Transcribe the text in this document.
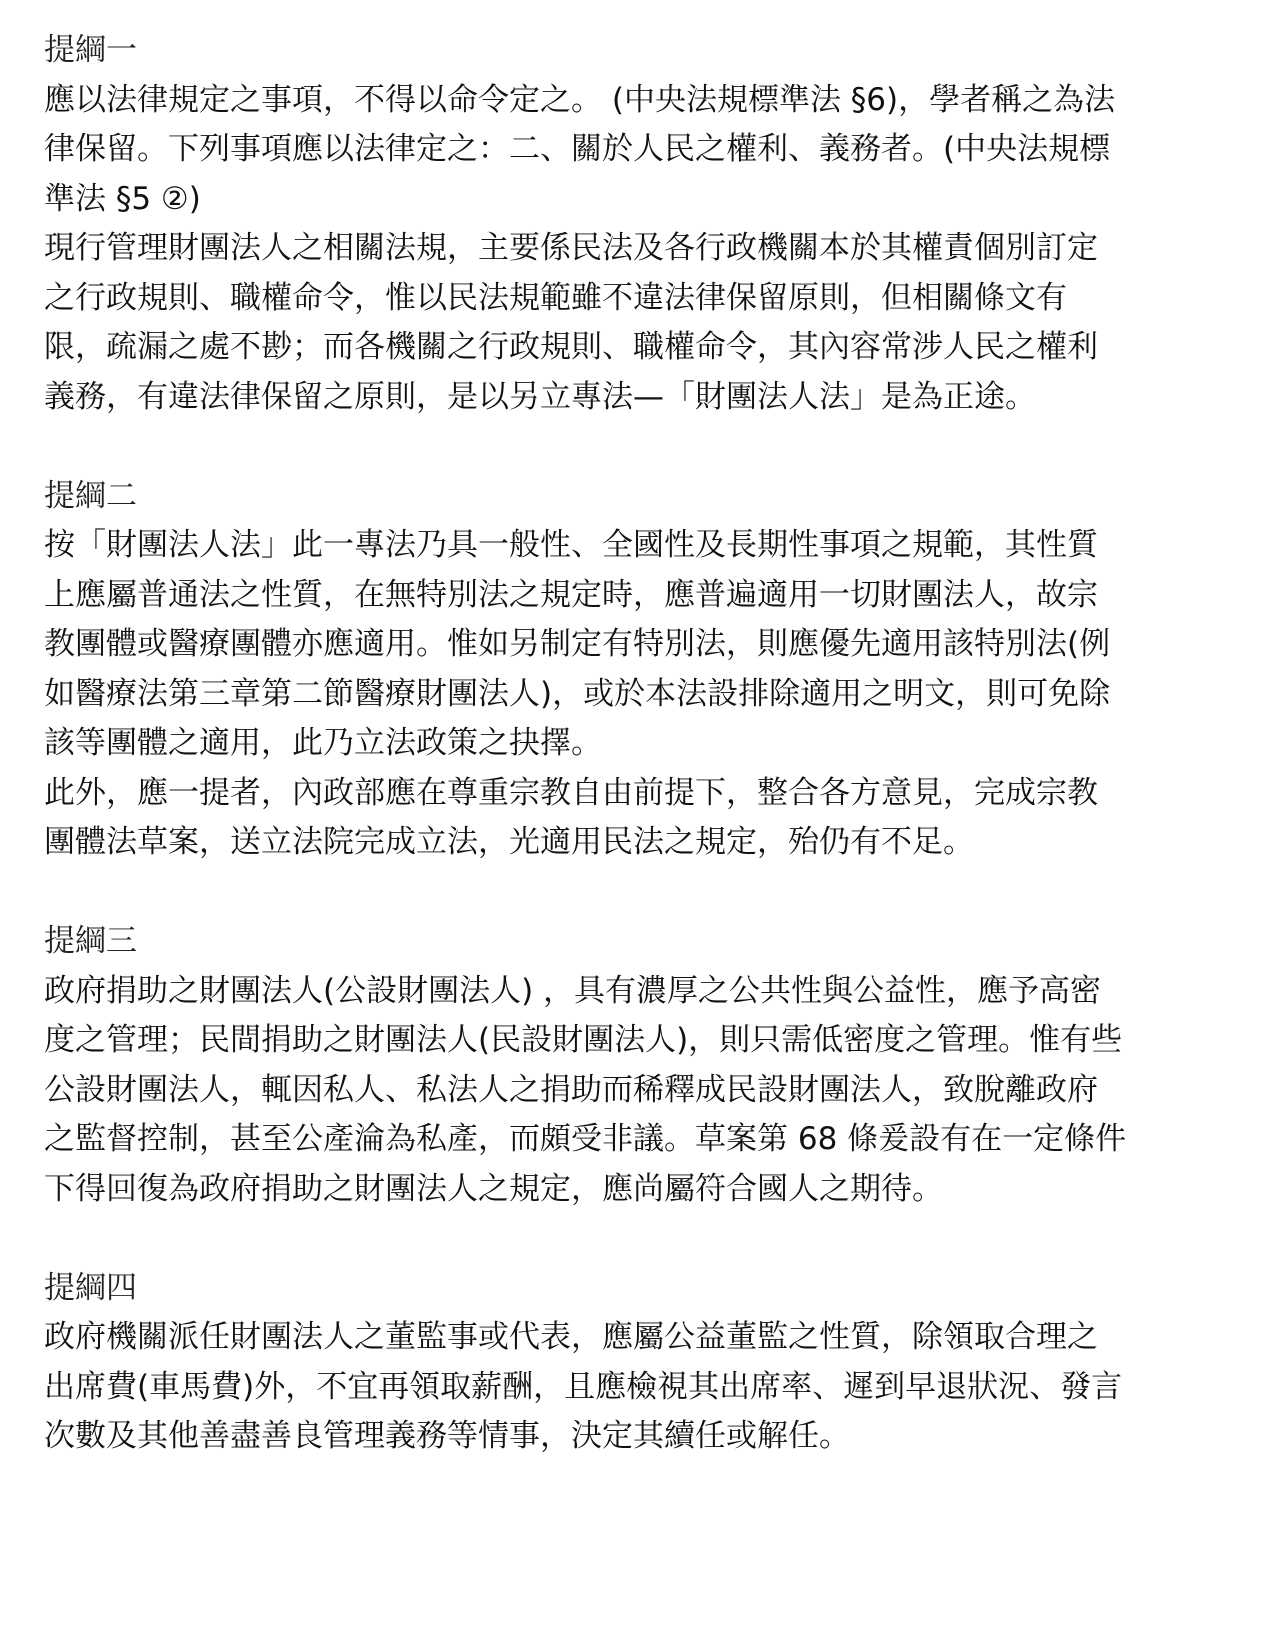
提綱一
應以法律規定之事項，不得以命令定之。 (中央法規標準法 §6)，學者稱之為法
律保留。下列事項應以法律定之：二、關於人民之權利、義務者。(中央法規標
準法 §5 ②)
現行管理財團法人之相關法規，主要係民法及各行政機關本於其權責個別訂定
之行政規則、職權命令，惟以民法規範雖不違法律保留原則，但相關條文有
限，疏漏之處不尠；而各機關之行政規則、職權命令，其內容常涉人民之權利
義務，有違法律保留之原則，是以另立專法—「財團法人法」是為正途。
提綱二
按「財團法人法」此一專法乃具一般性、全國性及長期性事項之規範，其性質
上應屬普通法之性質，在無特別法之規定時，應普遍適用一切財團法人，故宗
教團體或醫療團體亦應適用。惟如另制定有特別法，則應優先適用該特別法(例
如醫療法第三章第二節醫療財團法人)，或於本法設排除適用之明文，則可免除
該等團體之適用，此乃立法政策之抉擇。
此外，應一提者，內政部應在尊重宗教自由前提下，整合各方意見，完成宗教
團體法草案，送立法院完成立法，光適用民法之規定，殆仍有不足。
提綱三
政府捐助之財團法人(公設財團法人) ，具有濃厚之公共性與公益性，應予高密
度之管理；民間捐助之財團法人(民設財團法人)，則只需低密度之管理。惟有些
公設財團法人，輒因私人、私法人之捐助而稀釋成民設財團法人，致脫離政府
之監督控制，甚至公產淪為私產，而頗受非議。草案第 68 條爰設有在一定條件
下得回復為政府捐助之財團法人之規定，應尚屬符合國人之期待。
提綱四
政府機關派任財團法人之董監事或代表，應屬公益董監之性質，除領取合理之
出席費(車馬費)外，不宜再領取薪酬，且應檢視其出席率、遲到早退狀況、發言
次數及其他善盡善良管理義務等情事，決定其續任或解任。
